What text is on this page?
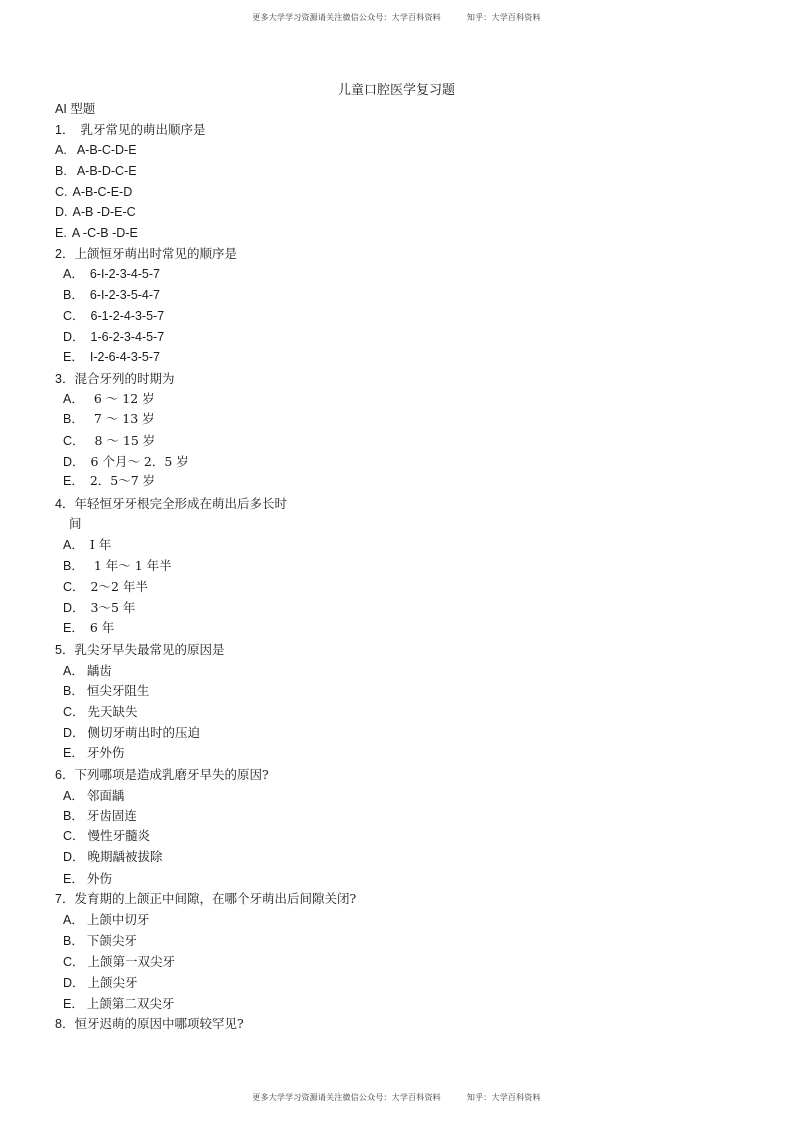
更多大学学习资源请关注微信公众号：大学百科资料	知乎：大学百科资料
儿童口腔医学复习题
AI 型题
1． 乳牙常见的萌出顺序是
A. A-B-C-D-E
B. A-B-D-C-E
C. A-B-C-E-D
D. A-B -D-E-C
E. A -C-B -D-E
2．上颌恒牙萌出时常见的顺序是
A． 6-I-2-3-4-5-7
B． 6-I-2-3-5-4-7
C． 6-1-2-4-3-5-7
D． 1-6-2-3-4-5-7
E． I-2-6-4-3-5-7
3．混合牙列的时期为
A． 6 ～ 12 岁
B． 7 ～ 13 岁
C． 8 ～ 15 岁
D． 6 个月～ 2．5 岁
E． 2．5～7 岁
4．年轻恒牙牙根完全形成在萌出后多长时
间
A． I 年
B． 1 年～ 1 年半
C． 2～2 年半
D． 3～5 年
E． 6 年
5．乳尖牙早失最常见的原因是
A． 龋齿
B． 恒尖牙阻生
C． 先天缺失
D． 侧切牙萌出时的压迫
E． 牙外伤
6．下列哪项是造成乳磨牙早失的原因?
A． 邻面龋
B． 牙齿固连
C． 慢性牙髓炎
D． 晚期龋被拔除
E． 外伤
7．发育期的上颌正中间隙，在哪个牙萌出后间隙关闭?
A． 上颌中切牙
B． 下颌尖牙
C． 上颌第一双尖牙
D． 上颌尖牙
E． 上颌第二双尖牙
8．恒牙迟萌的原因中哪项较罕见?
更多大学学习资源请关注微信公众号：大学百科资料	知乎：大学百科资料
